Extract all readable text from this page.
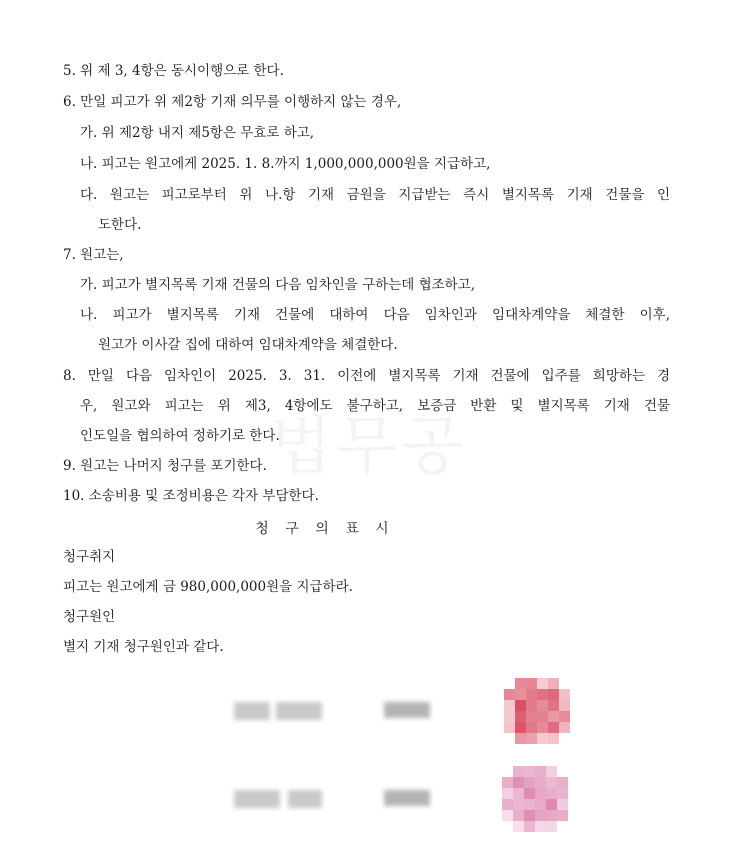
5. 위 제 3, 4항은 동시이행으로 한다.
6. 만일 피고가 위 제2항 기재 의무를 이행하지 않는 경우,
가. 위 제2항 내지 제5항은 무효로 하고,
나. 피고는 원고에게 2025. 1. 8.까지 1,000,000,000원을 지급하고,
다. 원고는 피고로부터 위 나.항 기재 금원을 지급받는 즉시 별지목록 기재 건물을 인
도한다.
7. 원고는,
가. 피고가 별지목록 기재 건물의 다음 임차인을 구하는데 협조하고,
나. 피고가 별지목록 기재 건물에 대하여 다음 임차인과 임대차계약을 체결한 이후,
원고가 이사갈 집에 대하여 임대차계약을 체결한다.
8. 만일 다음 임차인이 2025. 3. 31. 이전에 별지목록 기재 건물에 입주를 희망하는 경
우, 원고와 피고는 위 제3, 4항에도 불구하고, 보증금 반환 및 별지목록 기재 건물
인도일을 협의하여 정하기로 한다.
9. 원고는 나머지 청구를 포기한다.
10. 소송비용 및 조정비용은 각자 부담한다.
청 구 의 표 시
청구취지
피고는 원고에게 금 980,000,000원을 지급하라.
청구원인
별지 기재 청구원인과 같다.
